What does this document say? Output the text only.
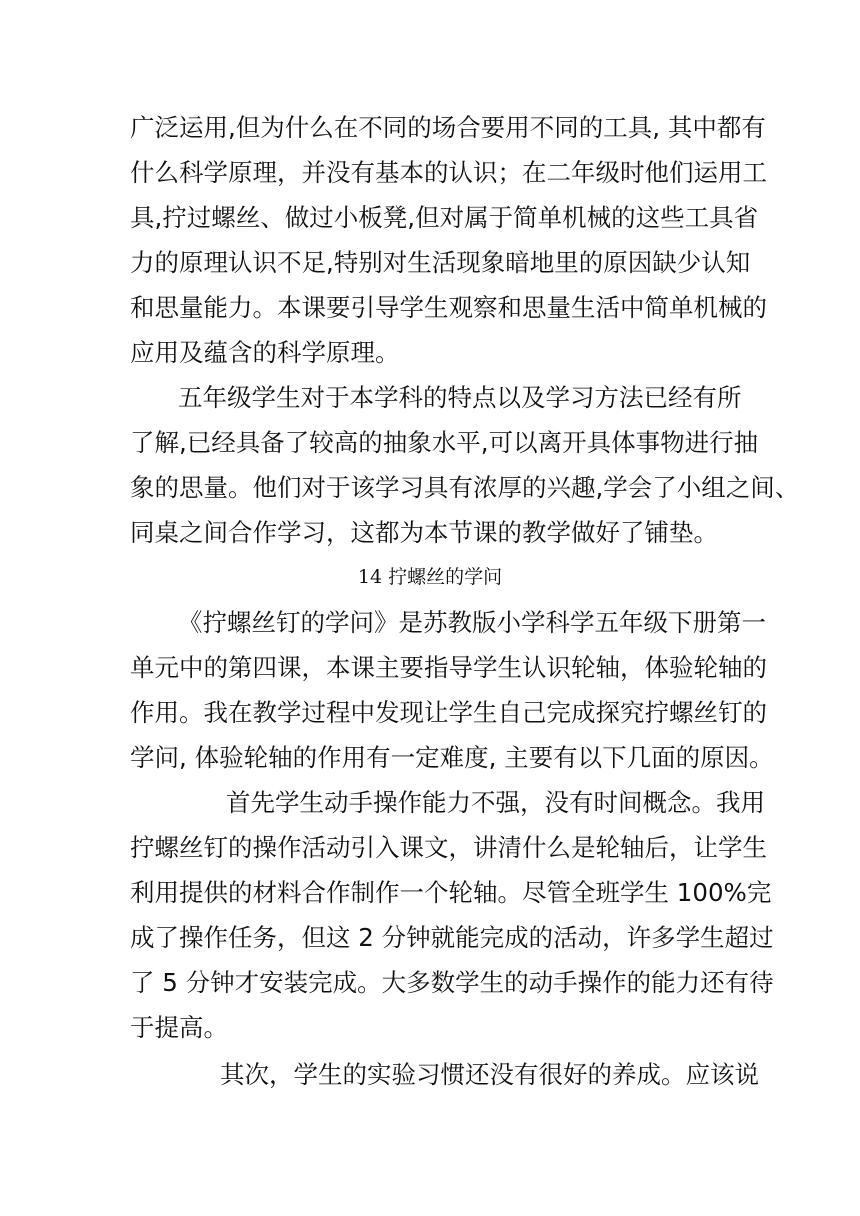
广泛运用,但为什么在不同的场合要用不同的工具, 其中都有
什么科学原理，并没有基本的认识；在二年级时他们运用工
具,拧过螺丝、做过小板凳,但对属于简单机械的这些工具省
力的原理认识不足,特别对生活现象暗地里的原因缺少认知
和思量能力。本课要引导学生观察和思量生活中简单机械的
应用及蕴含的科学原理。
五年级学生对于本学科的特点以及学习方法已经有所
了解,已经具备了较高的抽象水平,可以离开具体事物进行抽
象的思量。他们对于该学习具有浓厚的兴趣,学会了小组之间、
同桌之间合作学习，这都为本节课的教学做好了铺垫。
14 拧螺丝的学问
《拧螺丝钉的学问》是苏教版小学科学五年级下册第一
单元中的第四课，本课主要指导学生认识轮轴，体验轮轴的
作用。我在教学过程中发现让学生自己完成探究拧螺丝钉的
学问, 体验轮轴的作用有一定难度, 主要有以下几面的原因。
首先学生动手操作能力不强，没有时间概念。我用
拧螺丝钉的操作活动引入课文，讲清什么是轮轴后，让学生
利用提供的材料合作制作一个轮轴。尽管全班学生 100%完
成了操作任务，但这 2 分钟就能完成的活动，许多学生超过
了 5 分钟才安装完成。大多数学生的动手操作的能力还有待
于提高。
其次，学生的实验习惯还没有很好的养成。应该说
